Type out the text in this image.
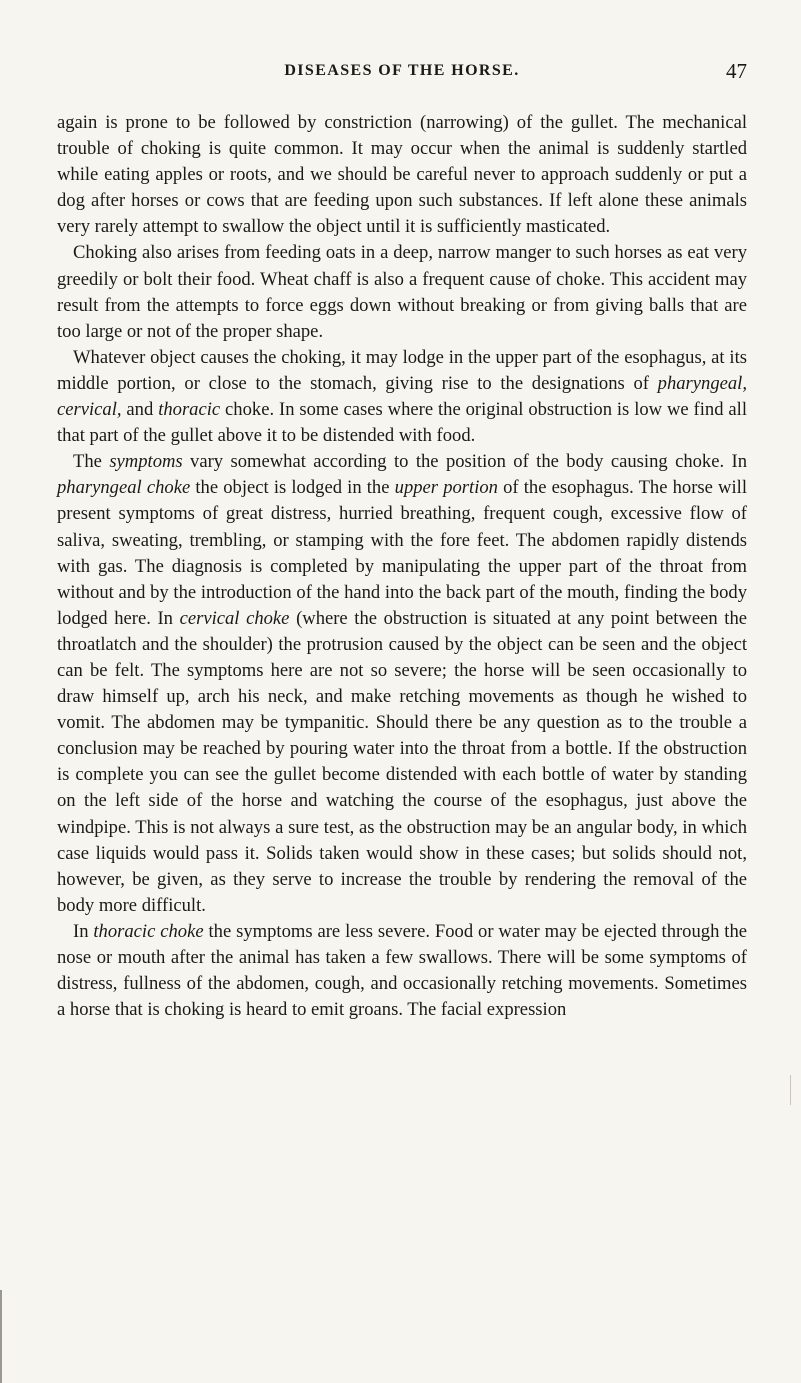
DISEASES OF THE HORSE.	47

again is prone to be followed by constriction (narrowing) of the gullet. The mechanical trouble of choking is quite common. It may occur when the animal is suddenly startled while eating apples or roots, and we should be careful never to approach suddenly or put a dog after horses or cows that are feeding upon such substances. If left alone these animals very rarely attempt to swallow the object until it is sufficiently masticated.

Choking also arises from feeding oats in a deep, narrow manger to such horses as eat very greedily or bolt their food. Wheat chaff is also a frequent cause of choke. This accident may result from the attempts to force eggs down without breaking or from giving balls that are too large or not of the proper shape.

Whatever object causes the choking, it may lodge in the upper part of the esophagus, at its middle portion, or close to the stomach, giving rise to the designations of pharyngeal, cervical, and thoracic choke. In some cases where the original obstruction is low we find all that part of the gullet above it to be distended with food.

The symptoms vary somewhat according to the position of the body causing choke. In pharyngeal choke the object is lodged in the upper portion of the esophagus. The horse will present symptoms of great distress, hurried breathing, frequent cough, excessive flow of saliva, sweating, trembling, or stamping with the fore feet. The abdomen rapidly distends with gas. The diagnosis is completed by manipulating the upper part of the throat from without and by the introduction of the hand into the back part of the mouth, finding the body lodged here. In cervical choke (where the obstruction is situated at any point between the throatlatch and the shoulder) the protrusion caused by the object can be seen and the object can be felt. The symptoms here are not so severe; the horse will be seen occasionally to draw himself up, arch his neck, and make retching movements as though he wished to vomit. The abdomen may be tympanitic. Should there be any question as to the trouble a conclusion may be reached by pouring water into the throat from a bottle. If the obstruction is complete you can see the gullet become distended with each bottle of water by standing on the left side of the horse and watching the course of the esophagus, just above the windpipe. This is not always a sure test, as the obstruction may be an angular body, in which case liquids would pass it. Solids taken would show in these cases; but solids should not, however, be given, as they serve to increase the trouble by rendering the removal of the body more difficult.

In thoracic choke the symptoms are less severe. Food or water may be ejected through the nose or mouth after the animal has taken a few swallows. There will be some symptoms of distress, fullness of the abdomen, cough, and occasionally retching movements. Sometimes a horse that is choking is heard to emit groans. The facial expression
